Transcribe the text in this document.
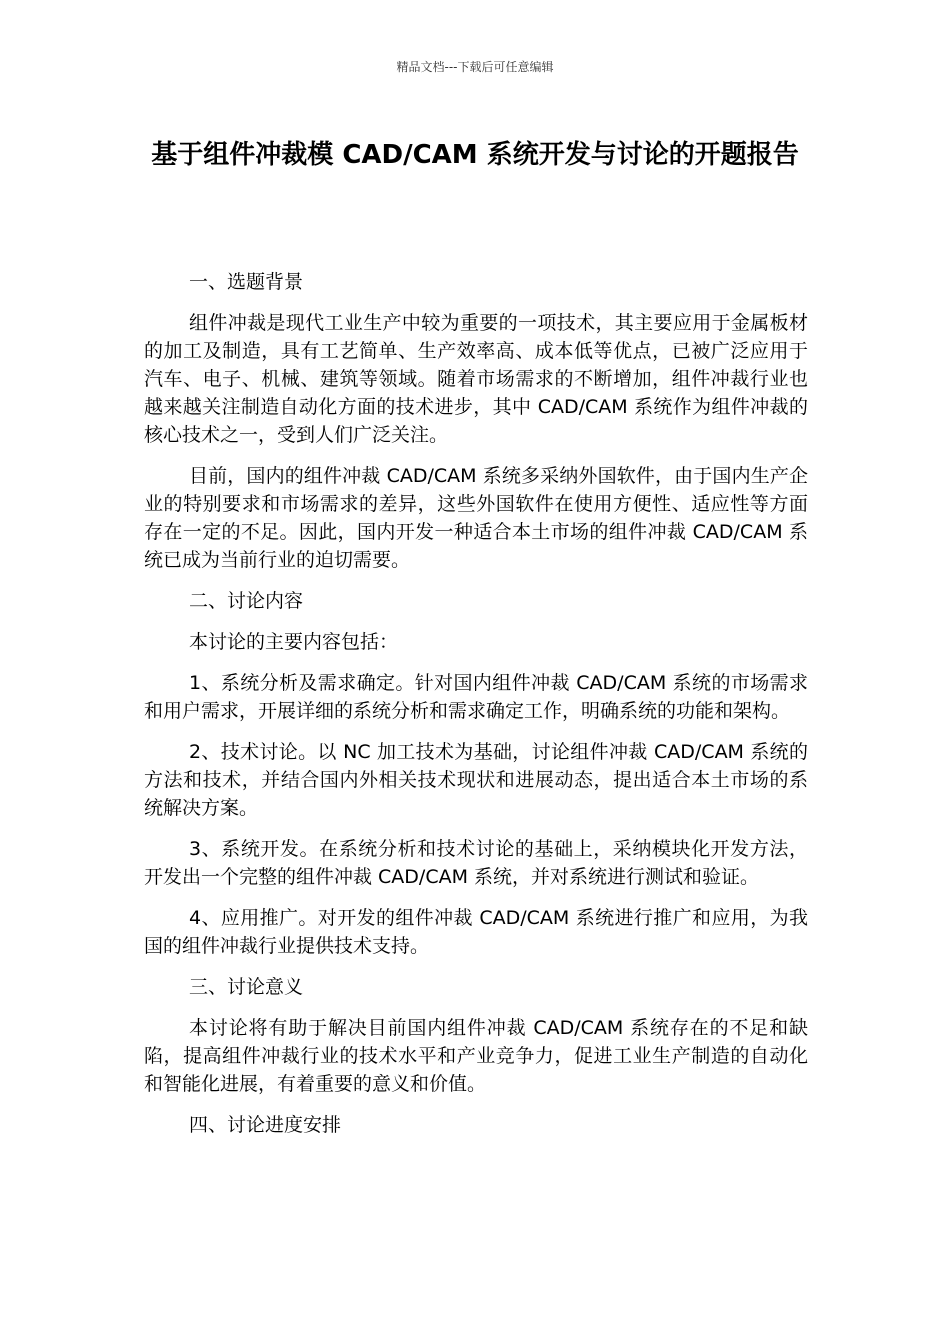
精品文档---下载后可任意编辑
基于组件冲裁模 CAD/CAM 系统开发与讨论的开题报告

一、选题背景

组件冲裁是现代工业生产中较为重要的一项技术，其主要应用于金属板材的加工及制造，具有工艺简单、生产效率高、成本低等优点，已被广泛应用于汽车、电子、机械、建筑等领域。随着市场需求的不断增加，组件冲裁行业也越来越关注制造自动化方面的技术进步，其中 CAD/CAM 系统作为组件冲裁的核心技术之一，受到人们广泛关注。

目前，国内的组件冲裁 CAD/CAM 系统多采纳外国软件，由于国内生产企业的特别要求和市场需求的差异，这些外国软件在使用方便性、适应性等方面存在一定的不足。因此，国内开发一种适合本土市场的组件冲裁 CAD/CAM 系统已成为当前行业的迫切需要。

二、讨论内容

本讨论的主要内容包括：

1、系统分析及需求确定。针对国内组件冲裁 CAD/CAM 系统的市场需求和用户需求，开展详细的系统分析和需求确定工作，明确系统的功能和架构。

2、技术讨论。以 NC 加工技术为基础，讨论组件冲裁 CAD/CAM 系统的方法和技术，并结合国内外相关技术现状和进展动态，提出适合本土市场的系统解决方案。

3、系统开发。在系统分析和技术讨论的基础上，采纳模块化开发方法，开发出一个完整的组件冲裁 CAD/CAM 系统，并对系统进行测试和验证。

4、应用推广。对开发的组件冲裁 CAD/CAM 系统进行推广和应用，为我国的组件冲裁行业提供技术支持。

三、讨论意义

本讨论将有助于解决目前国内组件冲裁 CAD/CAM 系统存在的不足和缺陷，提高组件冲裁行业的技术水平和产业竞争力，促进工业生产制造的自动化和智能化进展，有着重要的意义和价值。

四、讨论进度安排
